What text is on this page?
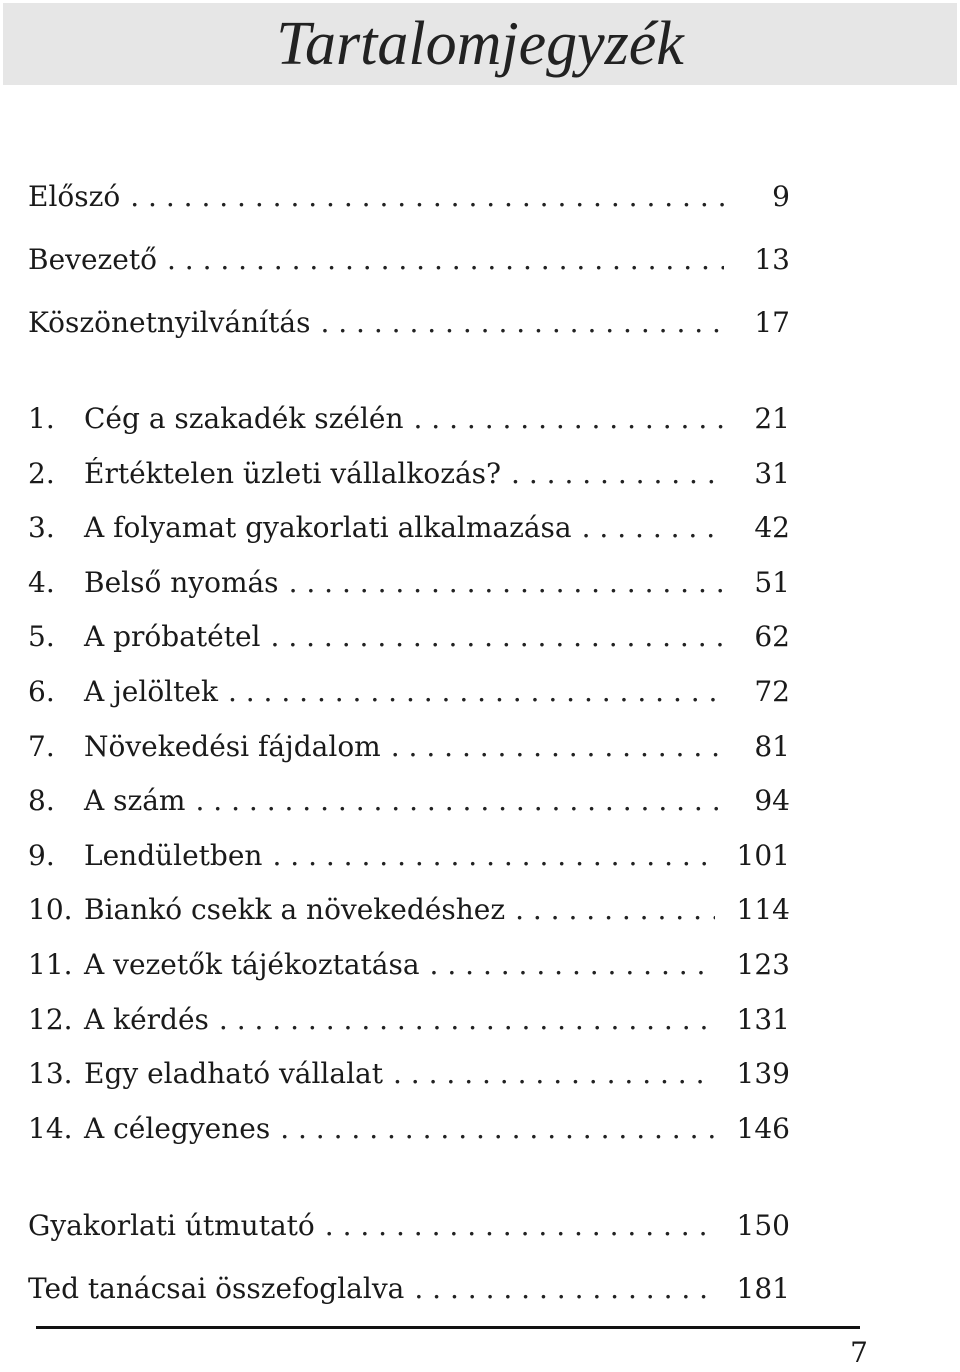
Tartalomjegyzék
Előszó . . .	9
Bevezető . . .	13
Köszönetnyilvánítás . . .	17
1.	Cég a szakadék szélén . . .	21
2.	Értéktelen üzleti vállalkozás? . . .	31
3.	A folyamat gyakorlati alkalmazása . . .	42
4.	Belső nyomás . . .	51
5.	A próbatétel . . .	62
6.	A jelöltek . . .	72
7.	Növekedési fájdalom . . .	81
8.	A szám . . .	94
9.	Lendületben . . .	101
10. Biankó csekk a növekedéshez . . .	114
11. A vezetők tájékoztatása . . .	123
12. A kérdés . . .	131
13. Egy eladható vállalat . . .	139
14. A célegyenes . . .	146
Gyakorlati útmutató . . .	150
Ted tanácsai összefoglalva . . .	181
7
